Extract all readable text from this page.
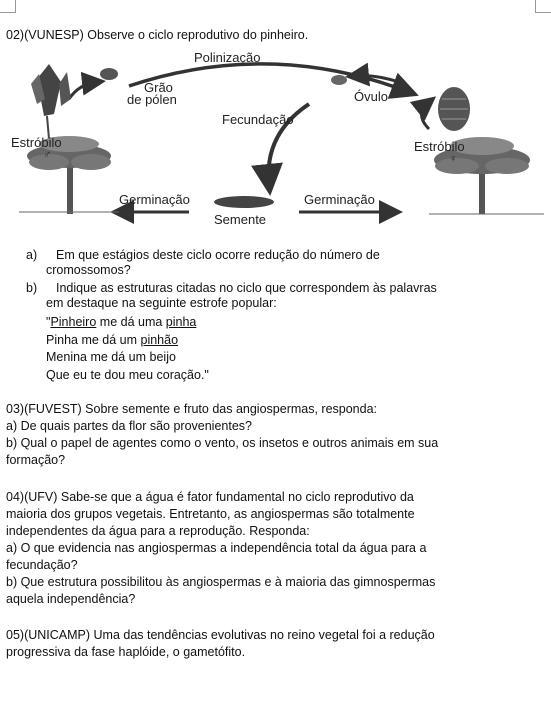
02)(VUNESP) Observe o ciclo reprodutivo do pinheiro.
Polinização
Grão
de pólen	Óvulo
Fecundação
Estróbilo
♂
Estróbilo
♀
Germinação	Germinação
Semente
a) Em que estágios deste ciclo ocorre redução do número de
cromossomos?
b) Indique as estruturas citadas no ciclo que correspondem às palavras
em destaque na seguinte estrofe popular:
"Pinheiro me dá uma pinha
Pinha me dá um pinhão
Menina me dá um beijo
Que eu te dou meu coração."
03)(FUVEST) Sobre semente e fruto das angiospermas, responda:
a) De quais partes da flor são provenientes?
b) Qual o papel de agentes como o vento, os insetos e outros animais em sua
formação?
04)(UFV) Sabe-se que a água é fator fundamental no ciclo reprodutivo da
maioria dos grupos vegetais. Entretanto, as angiospermas são totalmente
independentes da água para a reprodução. Responda:
a) O que evidencia nas angiospermas a independência total da água para a
fecundação?
b) Que estrutura possibilitou às angiospermas e à maioria das gimnospermas
aquela independência?
05)(UNICAMP) Uma das tendências evolutivas no reino vegetal foi a redução
progressiva da fase haplóide, o gametófito.
